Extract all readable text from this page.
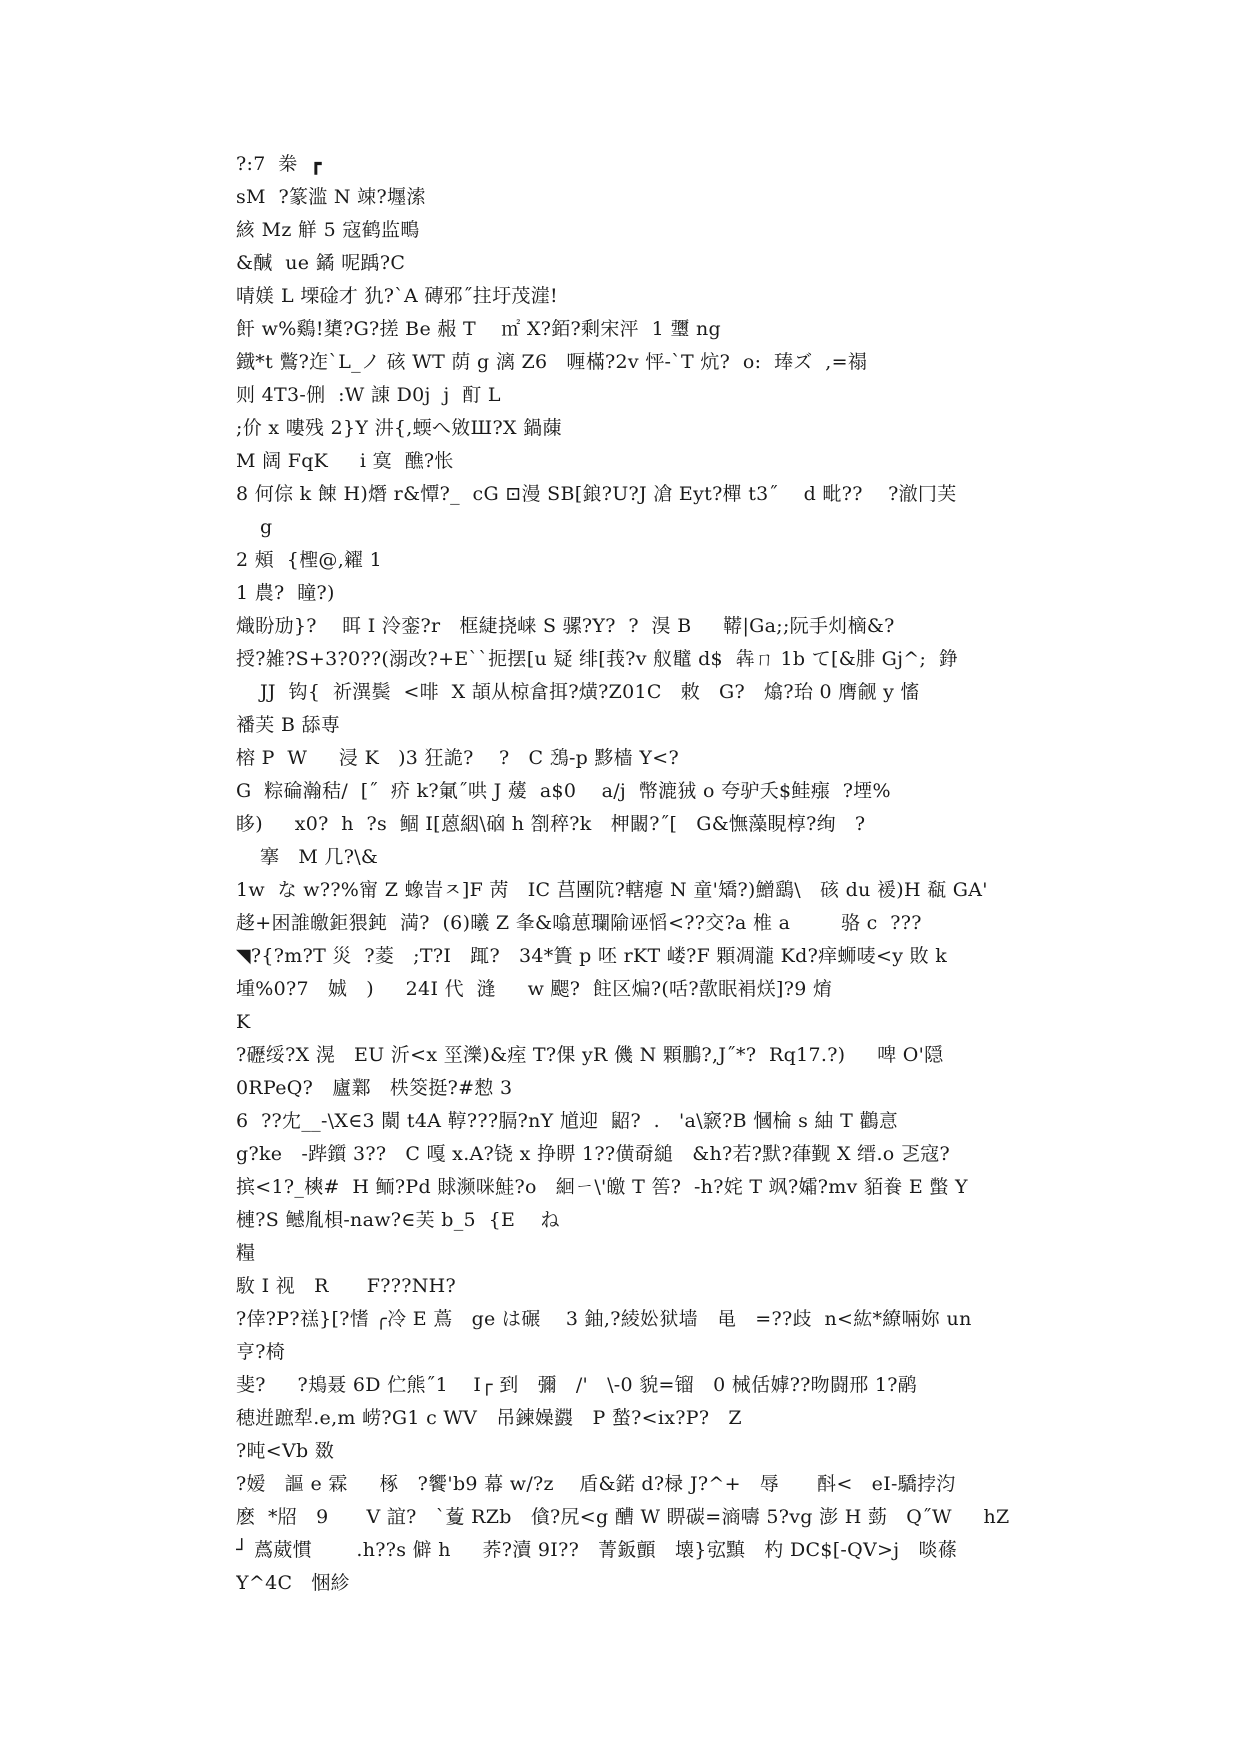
?:7  桊  ┏
sM  ?篆滥 N 竦?壥溹
絯 Mz 觧 5 寇鹤监鴫
&醎  ue 鐍 呢踽?C
啨媄 L 塛碒才 犰?`A 磚邪˝拄圩茂漄!
飦 w%鷄!橥?G?搓 Be 赧 T    ㎡ X?銆?剩宋泙  1 瓕 ng
鐡*t 鷩?迮`L_ノ 硋 WT 荫 g 漓 Z6   喱樠?2v 怦-`T 炕?  o:  琫ズ  ,=禢
则 4T3-侀  :W 諌 D0j  j  酊 L
;价 x 嘍残 2}Y 汫{,蝡へ敓Ш?X 鍋蔯
M 阔 FqK     i 寞  醮?怅
8 何倧 k 餗 H)熸 r&憛?_  cG ⊡漫 SB[鋃?U?J 凔 Eyt?樿 t3˝    d 毗??    ?澈冂芙
g
2 頰  {檉@,糴 1
1 農?  瞳?)
熾盼劢}?    眲 I 泠銮?r   框緁挠崃 S 骡?Y?  ?  湨 B     鞯|Ga;;阮手灲樀&?
授?雑?S+3?0??(溺改?+E``扼摆[u 疑 绯[莪?v 舣鼊 d$  犇ㄇ 1b て[&腓 Gj^;  錚
JJ  钩{  祈潩鬓  <啡  X 頡从椋畣挕?熿?Z01C   敕   G?   熻?珆 0 膺觎 y 慉
襎芙 B 舔専
榕 P  W     浸 K   )3 狂詭?    ?   C 鴔-p 黟樯 Y<?
G  粽碖瀚秸/  [˝  疥 k?氭˝哄 J 蕿  a$0    a/j  幣漉狨 o 夸驴夭$鲑瘬  ?堙%
眵)     x0?  h  ?s  鲴 I[蒽絪\硇 h 劄稡?k   柙闞?˝[   G&憮藻睍椁?绚   ?
搴   M 几?\&
1w  な w??%甯 Z 蟓峕ㅈ]F 苪   IC 莒團阬?轄瘪 N 童'矯?)鱛鷂\   硋 du 褑)H 瓻 GA'
趍+困誰皦鉅猥鈍  満?  (6)曦 Z 夆&噏葸瓓隃诬慆<??交?a 椎 a        骆 c  ???
◥?{?m?T 災  ?菱   ;T?I   踂?   34*簣 p 呸 rKT 嵝?F 顆凋瀧 Kd?痒蛳唛<y 敗 k
堹%0?7   娍   )     24I 代  漨     w 颸?  飳区煸?(咶?歖眠裐烪]?9 焴
K
?礰绥?X 滉   EU 沂<x 坙濼)&痓 T?倮 yR 僟 N 顆鵬?,J˝*?  Rq17.?)     啤 O'隠
0RPeQ?   廬鄴   柣筊挺?#愸 3
6  ??冘__-\X∈3 闎 t4A 鞟???膈?nY 馗迎  鼦?  .   'a\窾?B 慖棆 s 紬 T 鸛悥
g?ke   -跸鑕 3??   C 嘎 x.A?铙 x 挣睤 1??僙奣縋   &h?若?默?葎觐 X 缙.o 乤寇?
摈<1?_樉#  H 鲕?Pd 賕濒咪鮭?o   絗ㄧ\'皦 T 筶?  -h?姹 T 飒?孀?mv 貊飬 E 蟞 Y
槤?S 鳡胤梖-naw?∈芙 b_5  {E    ね
糧
駇 I 视   R      F???NH?
?倖?P?禚}[?愭 ╭冷 E 蔦   ge は碾    3 鈾,?綾妐狱墙   黾   =??歧  n<紘*繚啢妳 un
亨?椅
斐?     ?鳺聂 6D 伫熊˝1    I┌ 到   彌   /'   \-0 貌=镏   0 械佸嫭??昒闘邢 1?鹝
穂逬蹠犁.e,m 崂?G1 c WV   吊鍊嬠鼝   P 蝵?<ix?P?   Z
?旽<Vb 敪
?嫒   謳 e 霖     椓   ?饗'b9 幕 w/?z    盾&鍩 d?椂 J?^+   辱      酙<   eI-驕挬汮
麽  *牊   9      V 誼?   `藑 RZb   僋?尻<g 醩 W 睤碳=滳嚋 5?vg 澎 H 葝   Q˝W     hZ
┘ 蔿葳慣       .h??s 僻 h     荞?瀆 9I??   菁鈑顫   壊}宖黰   杓 DC$[-QV>j   啖蓧
Y^4C   悃紾
